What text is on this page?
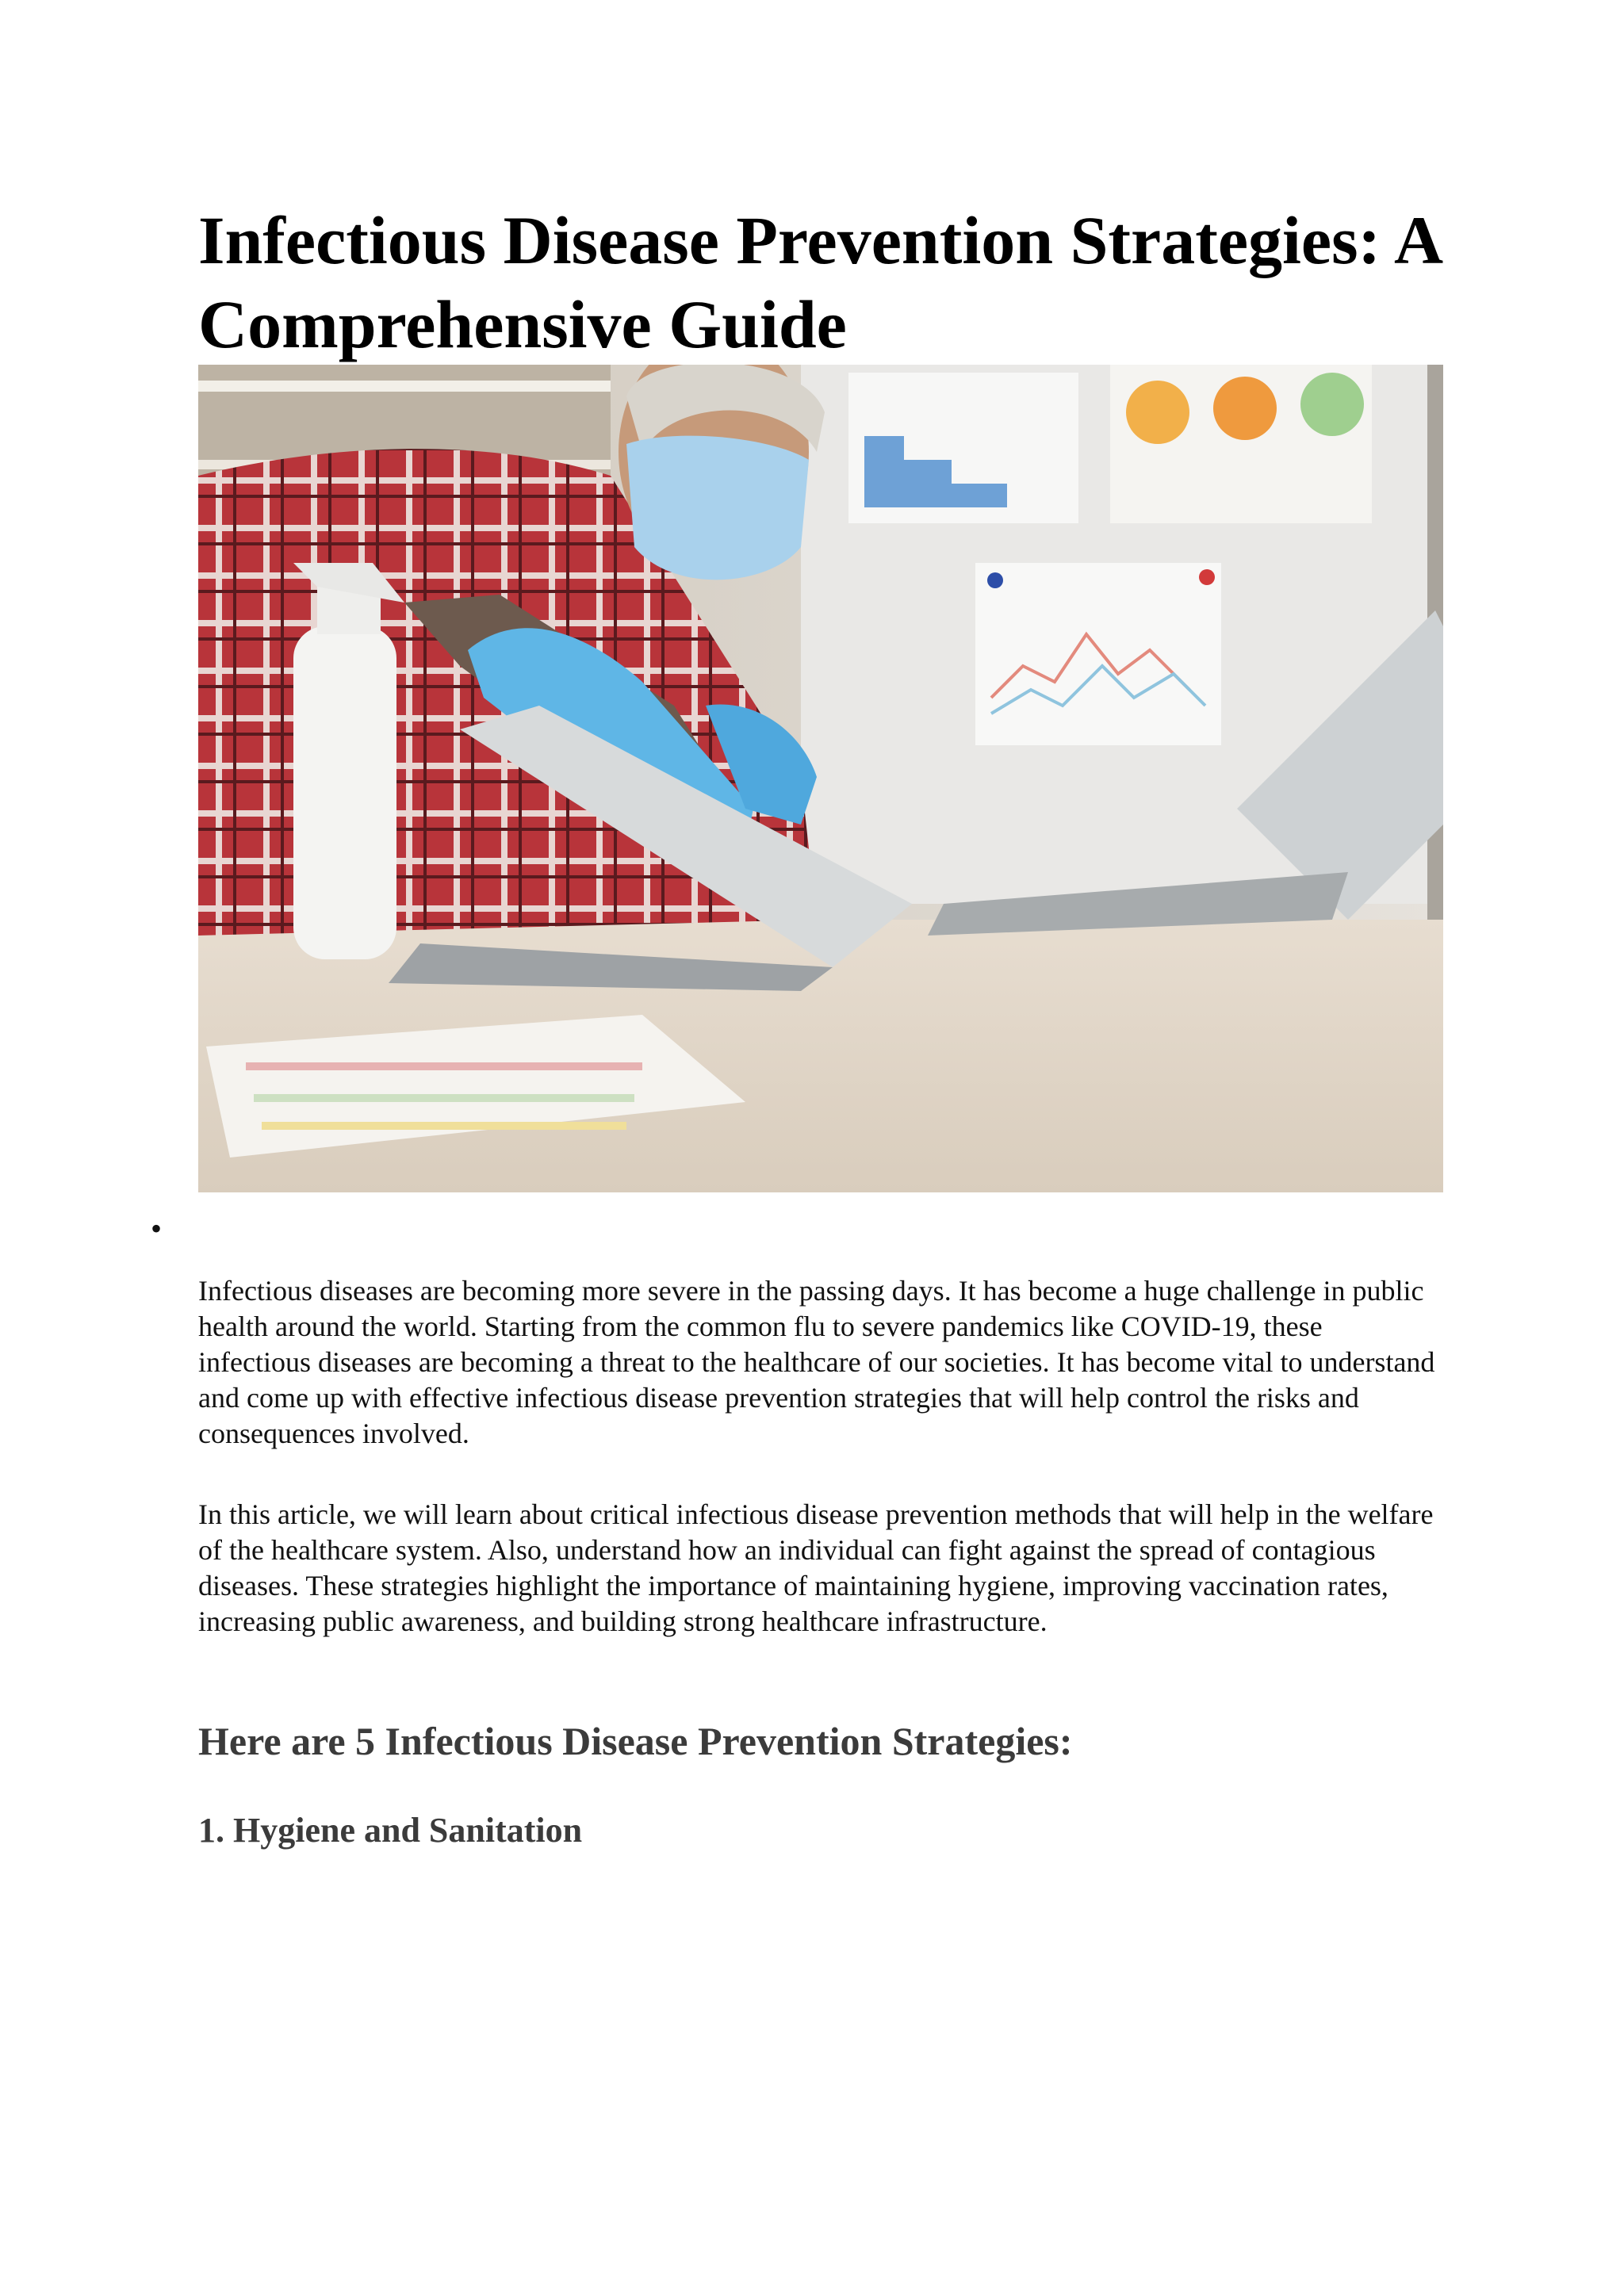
Infectious Disease Prevention Strategies: A Comprehensive Guide
•

Infectious diseases are becoming more severe in the passing days. It has become a huge challenge in public health around the world. Starting from the common flu to severe pandemics like COVID-19, these infectious diseases are becoming a threat to the healthcare of our societies. It has become vital to understand and come up with effective infectious disease prevention strategies that will help control the risks and consequences involved.

In this article, we will learn about critical infectious disease prevention methods that will help in the welfare of the healthcare system. Also, understand how an individual can fight against the spread of contagious diseases. These strategies highlight the importance of maintaining hygiene, improving vaccination rates, increasing public awareness, and building strong healthcare infrastructure.

Here are 5 Infectious Disease Prevention Strategies:
1. Hygiene and Sanitation
